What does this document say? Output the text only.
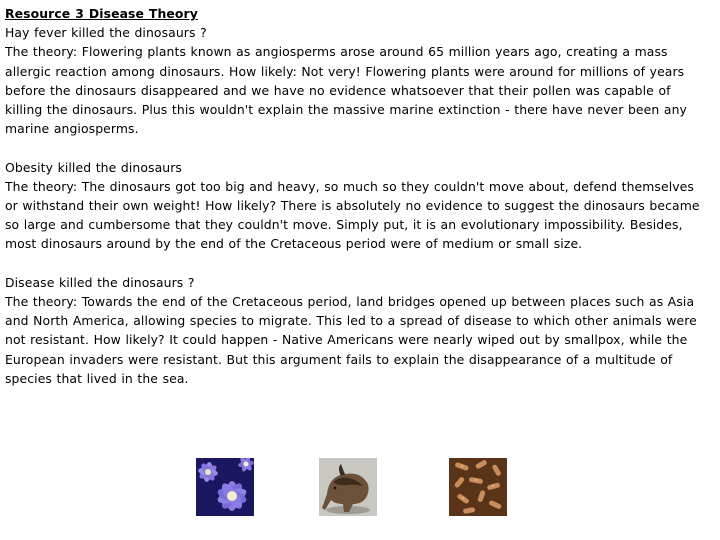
Resource 3 Disease Theory

Hay fever killed the dinosaurs ?

The theory: Flowering plants known as angiosperms arose around 65 million years ago, creating a mass

allergic reaction among dinosaurs. How likely: Not very! Flowering plants were around for millions of years

before the dinosaurs disappeared and we have no evidence whatsoever that their pollen was capable of

killing the dinosaurs. Plus this wouldn't explain the massive marine extinction - there have never been any

marine angiosperms.

Obesity killed the dinosaurs

The theory: The dinosaurs got too big and heavy, so much so they couldn't move about, defend themselves

or withstand their own weight! How likely? There is absolutely no evidence to suggest the dinosaurs became

so large and cumbersome that they couldn't move. Simply put, it is an evolutionary impossibility. Besides,

most dinosaurs around by the end of the Cretaceous period were of medium or small size.

Disease killed the dinosaurs ?

The theory: Towards the end of the Cretaceous period, land bridges opened up between places such as Asia

and North America, allowing species to migrate. This led to a spread of disease to which other animals were

not resistant. How likely? It could happen - Native Americans were nearly wiped out by smallpox, while the

European invaders were resistant. But this argument fails to explain the disappearance of a multitude of

species that lived in the sea.
